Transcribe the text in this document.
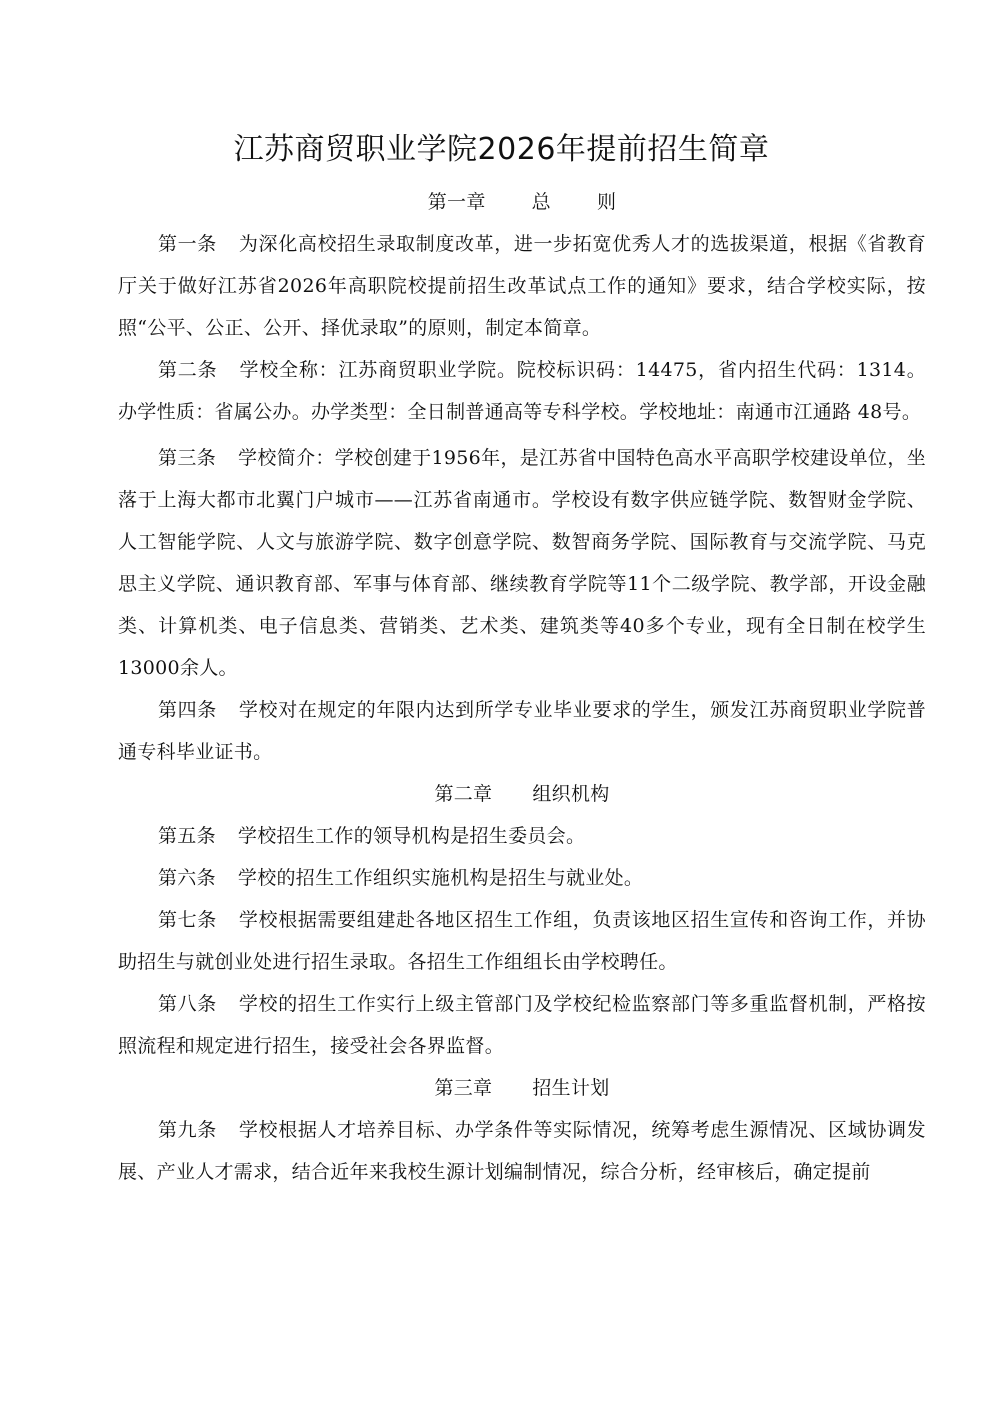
江苏商贸职业学院2026年提前招生简章

第一章 总 则

第一条 为深化高校招生录取制度改革，进一步拓宽优秀人才的选拔渠道，根据《省教育厅关于做好江苏省2026年高职院校提前招生改革试点工作的通知》要求，结合学校实际，按照“公平、公正、公开、择优录取”的原则，制定本简章。

第二条 学校全称：江苏商贸职业学院。院校标识码：14475，省内招生代码：1314。办学性质：省属公办。办学类型：全日制普通高等专科学校。学校地址：南通市江通路 48号。

第三条 学校简介：学校创建于1956年，是江苏省中国特色高水平高职学校建设单位，坐落于上海大都市北翼门户城市——江苏省南通市。学校设有数字供应链学院、数智财金学院、人工智能学院、人文与旅游学院、数字创意学院、数智商务学院、国际教育与交流学院、马克思主义学院、通识教育部、军事与体育部、继续教育学院等11个二级学院、教学部，开设金融类、计算机类、电子信息类、营销类、艺术类、建筑类等40多个专业，现有全日制在校学生13000余人。

第四条 学校对在规定的年限内达到所学专业毕业要求的学生，颁发江苏商贸职业学院普通专科毕业证书。

第二章 组织机构

第五条 学校招生工作的领导机构是招生委员会。

第六条 学校的招生工作组织实施机构是招生与就业处。

第七条 学校根据需要组建赴各地区招生工作组，负责该地区招生宣传和咨询工作，并协助招生与就创业处进行招生录取。各招生工作组组长由学校聘任。

第八条 学校的招生工作实行上级主管部门及学校纪检监察部门等多重监督机制，严格按照流程和规定进行招生，接受社会各界监督。

第三章 招生计划

第九条 学校根据人才培养目标、办学条件等实际情况，统筹考虑生源情况、区域协调发展、产业人才需求，结合近年来我校生源计划编制情况，综合分析，经审核后，确定提前
